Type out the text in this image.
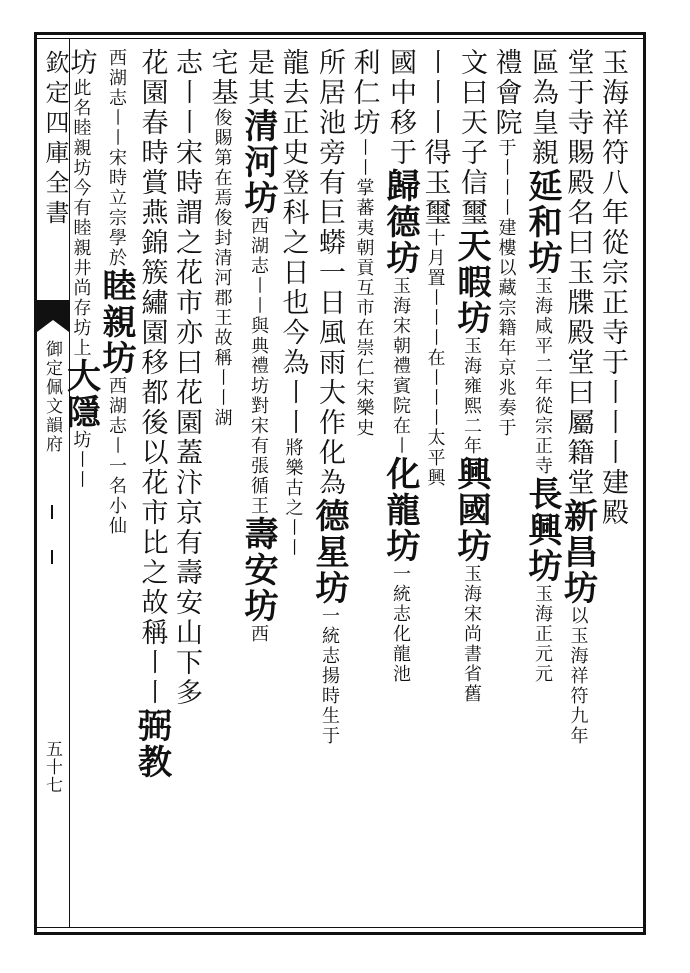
欽定四庫全書
御定佩文韻府
五十七
玉海祥符八年從宗正寺于〡〡〡建殿
堂于寺賜殿名曰玉牒殿堂曰屬籍堂新昌坊以玉海祥符九年
區為皇親延和坊玉海咸平二年從宗正寺長興坊玉海正元元
禮會院于〡〡〡建樓以藏宗籍年京兆奏于
文曰天子信璽天暇坊玉海雍熙二年興國坊玉海宋尚書省舊
〡〡〡得玉璽十月置〡〡〡在〡〡〡太平興
國中移于歸德坊玉海宋朝禮賓院在〡化龍坊一統志化龍池
利仁坊〡〡掌蕃夷朝貢互市在崇仁宋樂史
所居池旁有巨蟒一日風雨大作化為德星坊一統志揚時生于
龍去正史登科之日也今為〡〡將樂古之〡〡
是其清河坊西湖志〡〡與典禮坊對宋有張循王壽安坊西
宅基俊賜第在焉俊封清河郡王故稱〡〡湖
志〡〡宋時謂之花市亦曰花園蓋汴京有壽安山下多
花園春時賞燕錦簇繡園移都後以花市比之故稱〡〡弼教
西湖志〡〡宋時立宗學於睦親坊西湖志〡一名小仙
坊此名睦親坊今有睦親井尚存坊上大隱坊〡〡
